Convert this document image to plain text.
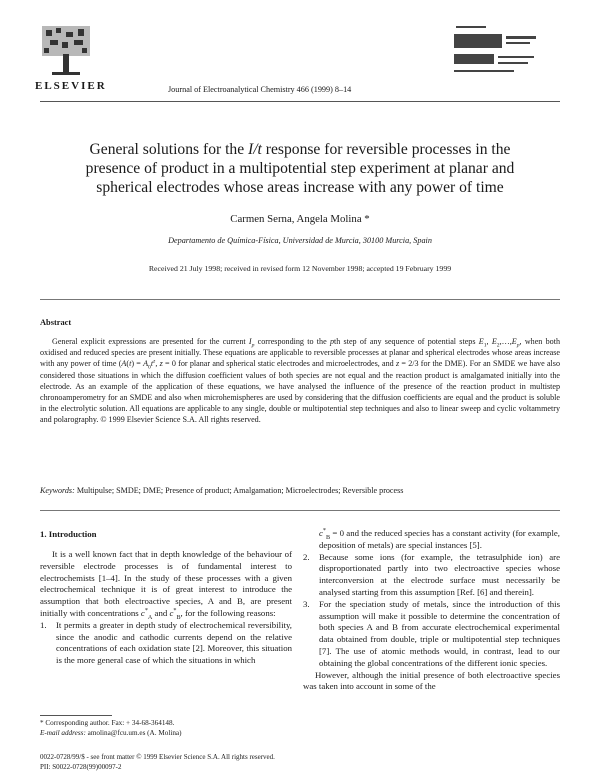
ELSEVIER	Journal of Electroanalytical Chemistry 466 (1999) 8–14
General solutions for the I/t response for reversible processes in the
presence of product in a multipotential step experiment at planar and
spherical electrodes whose areas increase with any power of time
Carmen Serna, Angela Molina *
Departamento de Química-Física, Universidad de Murcia, 30100 Murcia, Spain
Received 21 July 1998; received in revised form 12 November 1998; accepted 19 February 1999
Abstract
General explicit expressions are presented for the current $I_p$ corresponding to the pth step of any sequence of potential steps $E_1$, $E_2,\dots,E_p$, when both oxidised and reduced species are present initially. These equations are applicable to reversible processes at planar and spherical electrodes whose areas increase with any power of time ($A(t) = A_0t^z$, z = 0 for planar and spherical static electrodes and microelectrodes, and z = 2/3 for the DME). For an SMDE we have also considered those situations in which the diffusion coefficient values of both species are not equal and the reaction product is amalgamated initially into the electrode. As an example of the application of these equations, we have analysed the influence of the presence of the reaction product in multistep chronoamperometry for an SMDE and also when microhemispheres are used by considering that the diffusion coefficients are equal and the product is soluble in the electrolytic solution. All equations are applicable to any single, double or multipotential step techniques and also to linear sweep and cyclic voltammetry and polarography. © 1999 Elsevier Science S.A. All rights reserved.
Keywords: Multipulse; SMDE; DME; Presence of product; Amalgamation; Microelectrodes; Reversible process
1. Introduction
It is a well known fact that in depth knowledge of the behaviour of reversible electrode processes is of fundamental interest to electrochemists [1–4]. In the study of these processes with a given electrochemical technique it is of great interest to introduce the assumption that both electroactive species, A and B, are present initially with concentrations $c^*_A$ and $c^*_B$, for the following reasons:
1.	It permits a greater in depth study of electrochemical reversibility, since the anodic and cathodic currents depend on the relative concentrations of each oxidation state [2]. Moreover, this situation is the more general case of which the situations in which
$c^*_B = 0$ and the reduced species has a constant activity (for example, deposition of metals) are special instances [5].
2.	Because some ions (for example, the tetrasulphide ion) are disproportionated partly into two electroactive species whose interconversion at the electrode surface must necessarily be analysed starting from this assumption [Ref. [6] and therein].
3.	For the speciation study of metals, since the introduction of this assumption will make it possible to determine the concentration of both species A and B from accurate electrochemical experimental data obtained from double, triple or multipotential step techniques [7]. The use of atomic methods would, in contrast, lead to our obtaining the global concentrations of the different ionic species.
However, although the initial presence of both electroactive species was taken into account in some of the
* Corresponding author. Fax: + 34-68-364148.
E-mail address: amolina@fcu.um.es (A. Molina)
0022-0728/99/$ - see front matter © 1999 Elsevier Science S.A. All rights reserved.
PII: S0022-0728(99)00097-2
